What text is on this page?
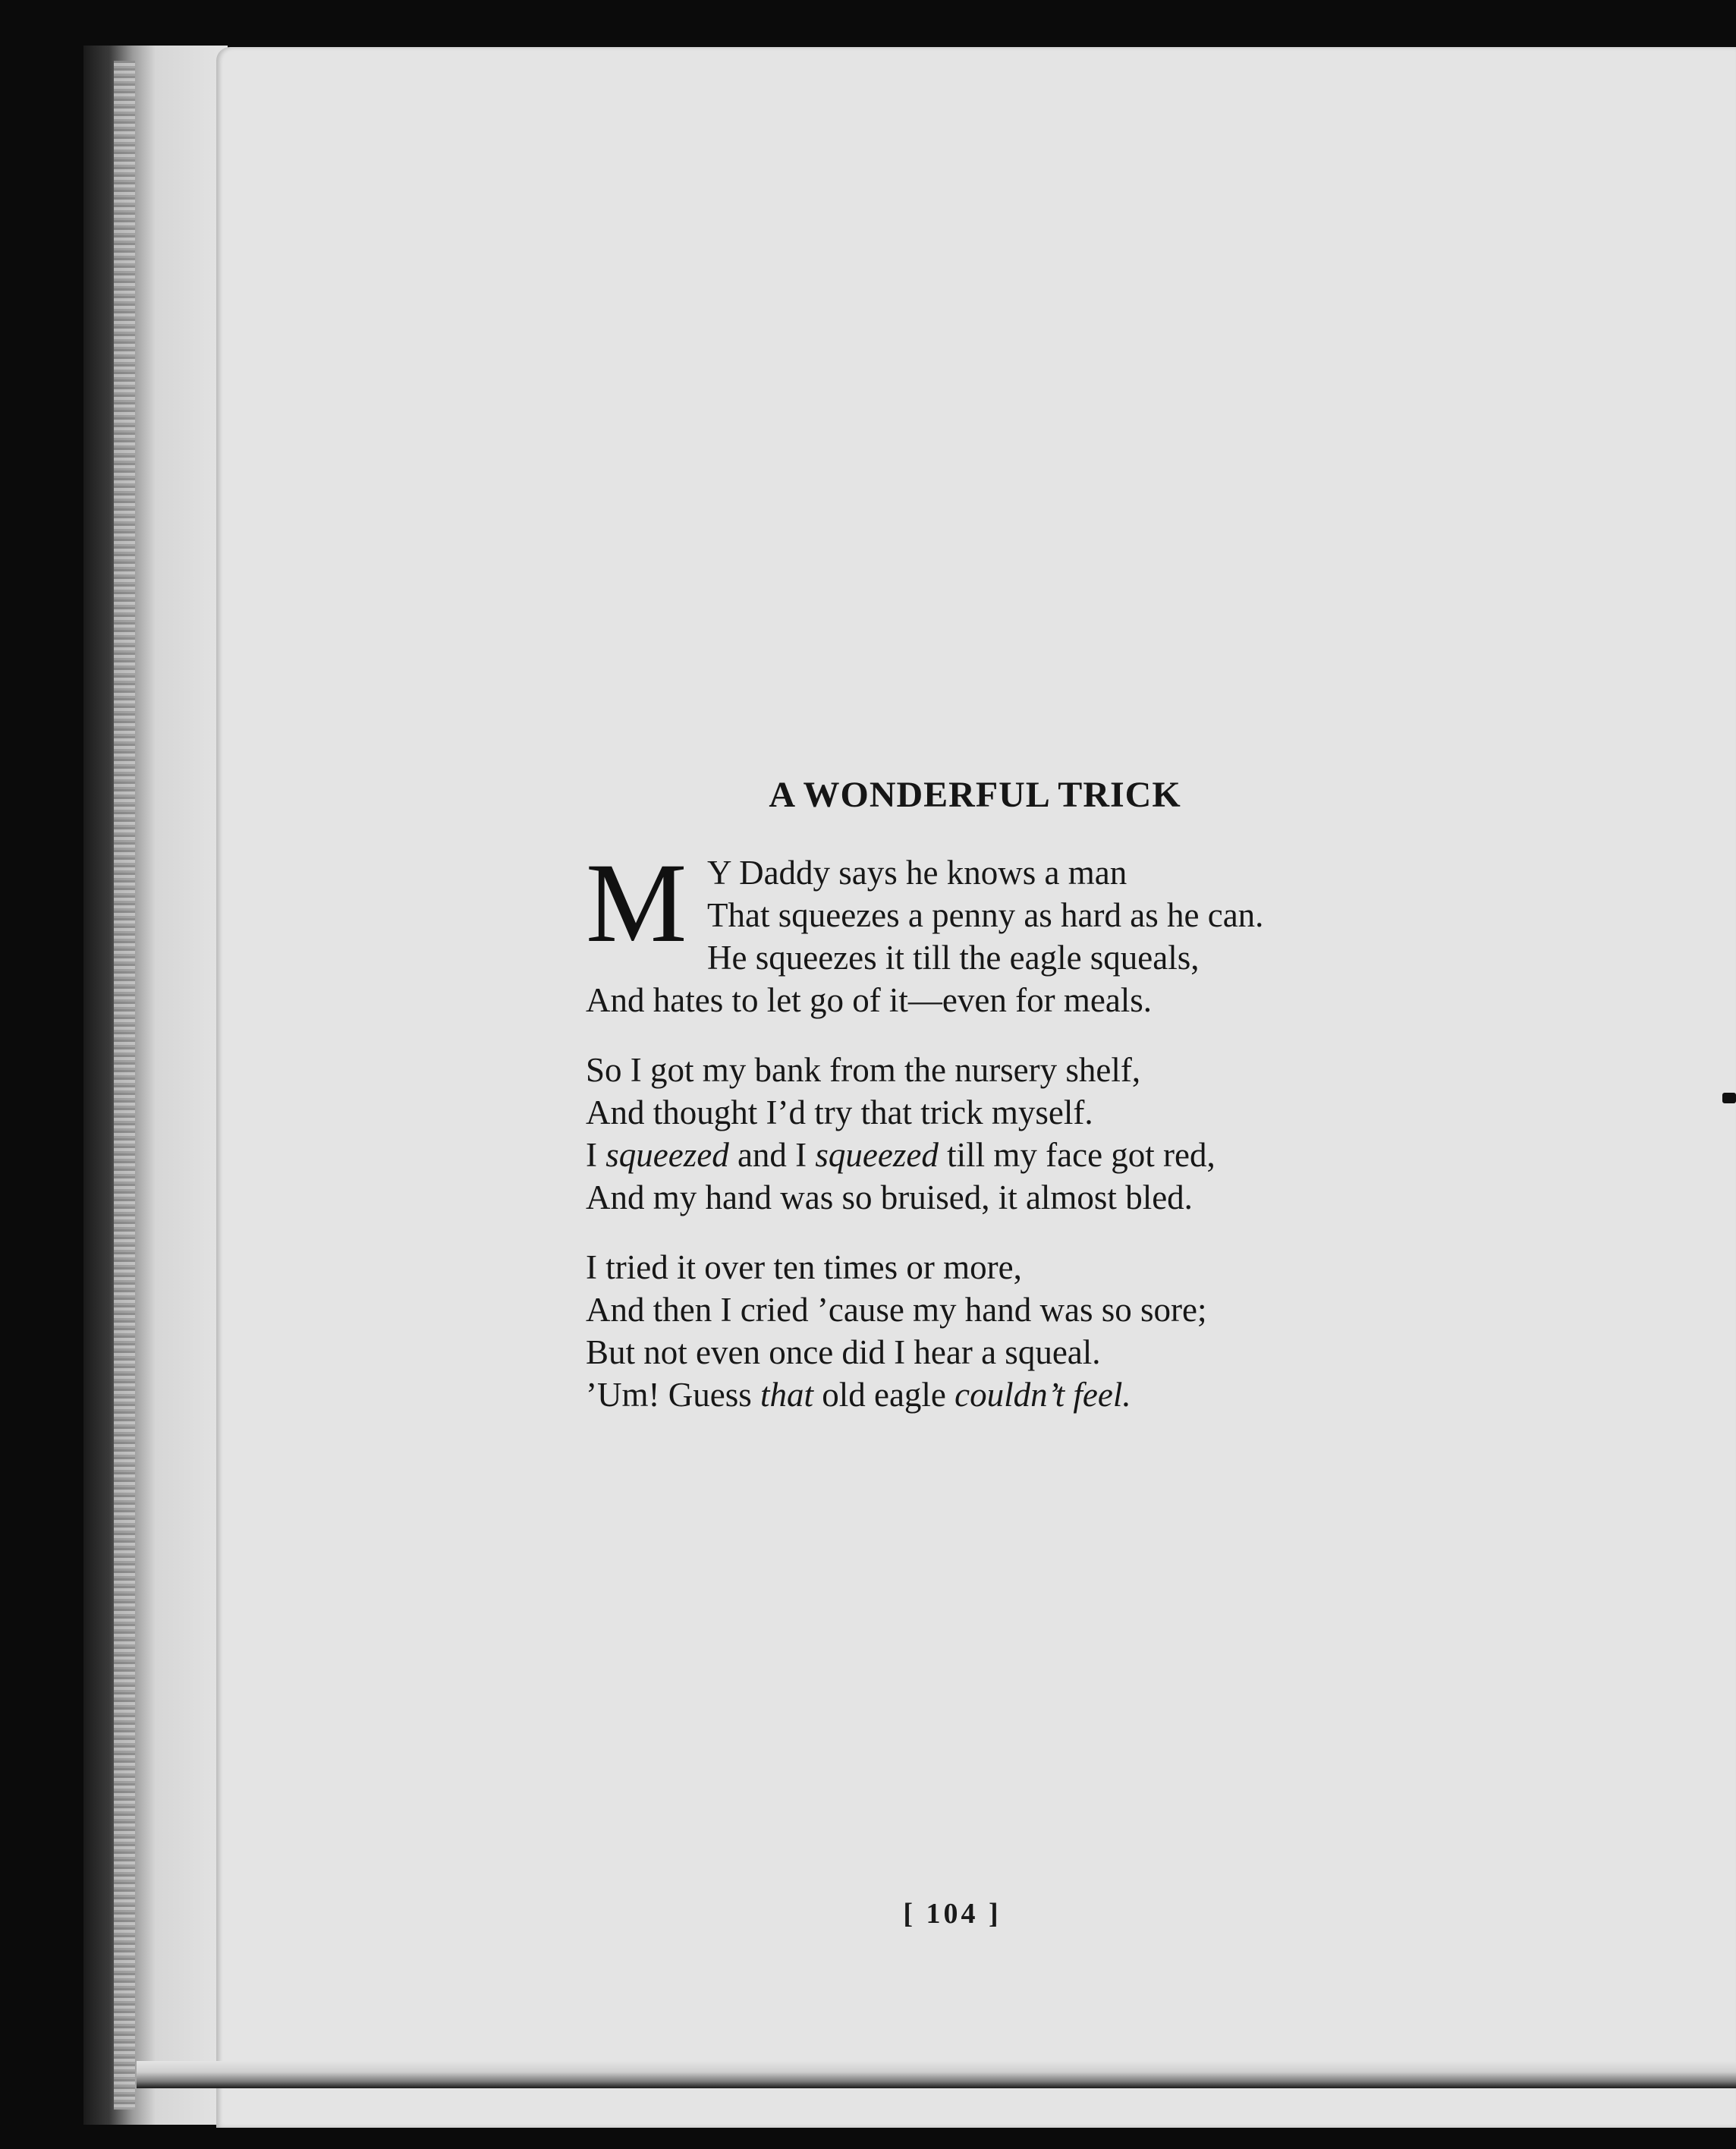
A WONDERFUL TRICK
M Y Daddy says he knows a man
That squeezes a penny as hard as he can.
He squeezes it till the eagle squeals,
And hates to let go of it—even for meals.
So I got my bank from the nursery shelf,
And thought I’d try that trick myself.
I squeezed and I squeezed till my face got red,
And my hand was so bruised, it almost bled.
I tried it over ten times or more,
And then I cried ’cause my hand was so sore;
But not even once did I hear a squeal.
’Um! Guess that old eagle couldn’t feel.
[ 104 ]
